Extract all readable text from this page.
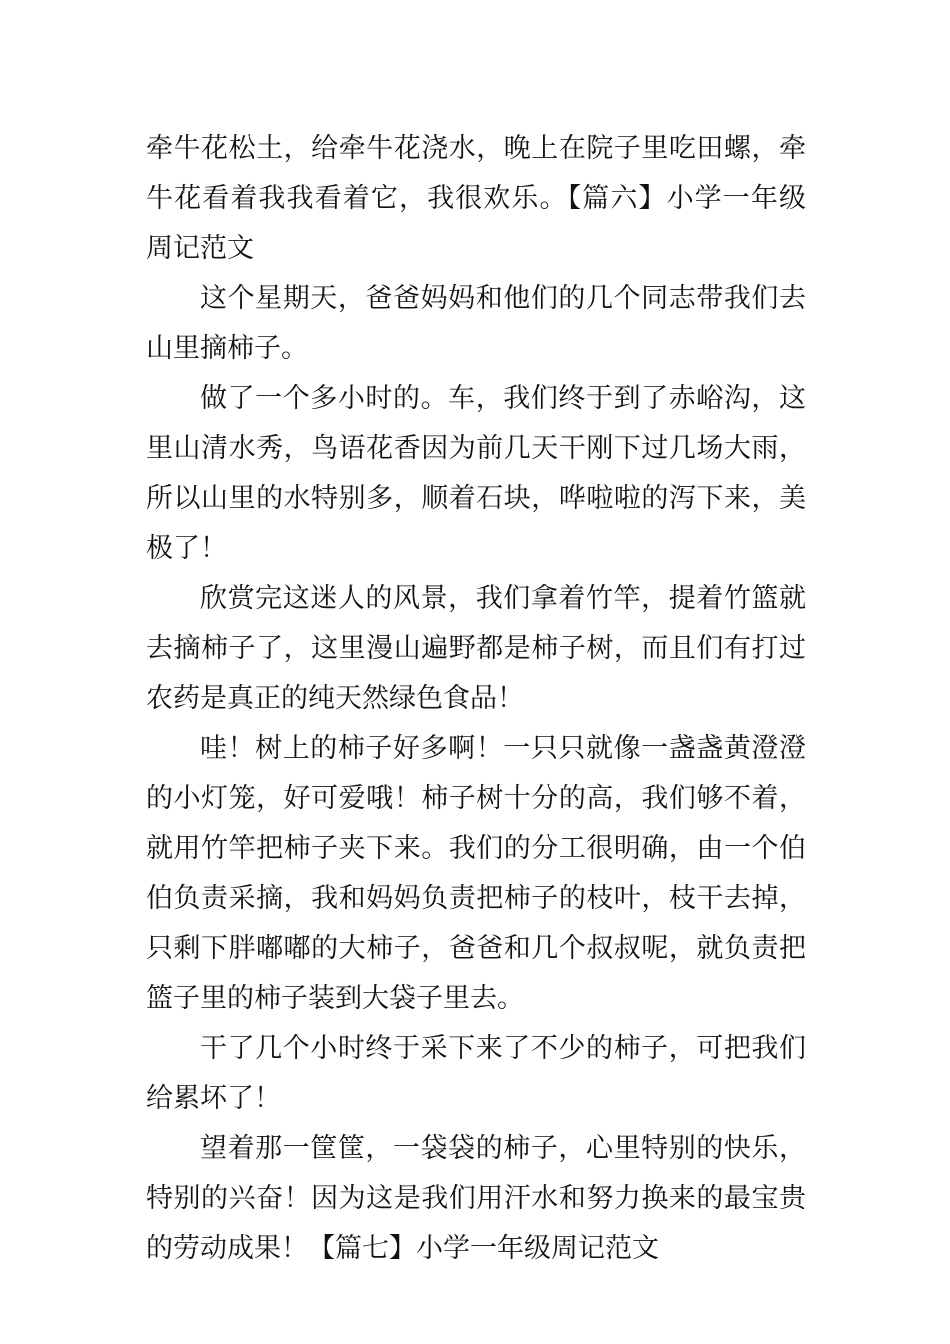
牵牛花松土，给牵牛花浇水，晚上在院子里吃田螺，牵牛花看着我我看着它，我很欢乐。【篇六】小学一年级周记范文

这个星期天，爸爸妈妈和他们的几个同志带我们去山里摘柿子。

做了一个多小时的。车，我们终于到了赤峪沟，这里山清水秀，鸟语花香因为前几天干刚下过几场大雨，所以山里的水特别多，顺着石块，哗啦啦的泻下来，美极了！

欣赏完这迷人的风景，我们拿着竹竿，提着竹篮就去摘柿子了，这里漫山遍野都是柿子树，而且们有打过农药是真正的纯天然绿色食品！

哇！树上的柿子好多啊！一只只就像一盏盏黄澄澄的小灯笼，好可爱哦！柿子树十分的高，我们够不着，就用竹竿把柿子夹下来。我们的分工很明确，由一个伯伯负责采摘，我和妈妈负责把柿子的枝叶，枝干去掉，只剩下胖嘟嘟的大柿子，爸爸和几个叔叔呢，就负责把篮子里的柿子装到大袋子里去。

干了几个小时终于采下来了不少的柿子，可把我们给累坏了！

望着那一筐筐，一袋袋的柿子，心里特别的快乐，特别的兴奋！因为这是我们用汗水和努力换来的最宝贵的劳动成果！【篇七】小学一年级周记范文
